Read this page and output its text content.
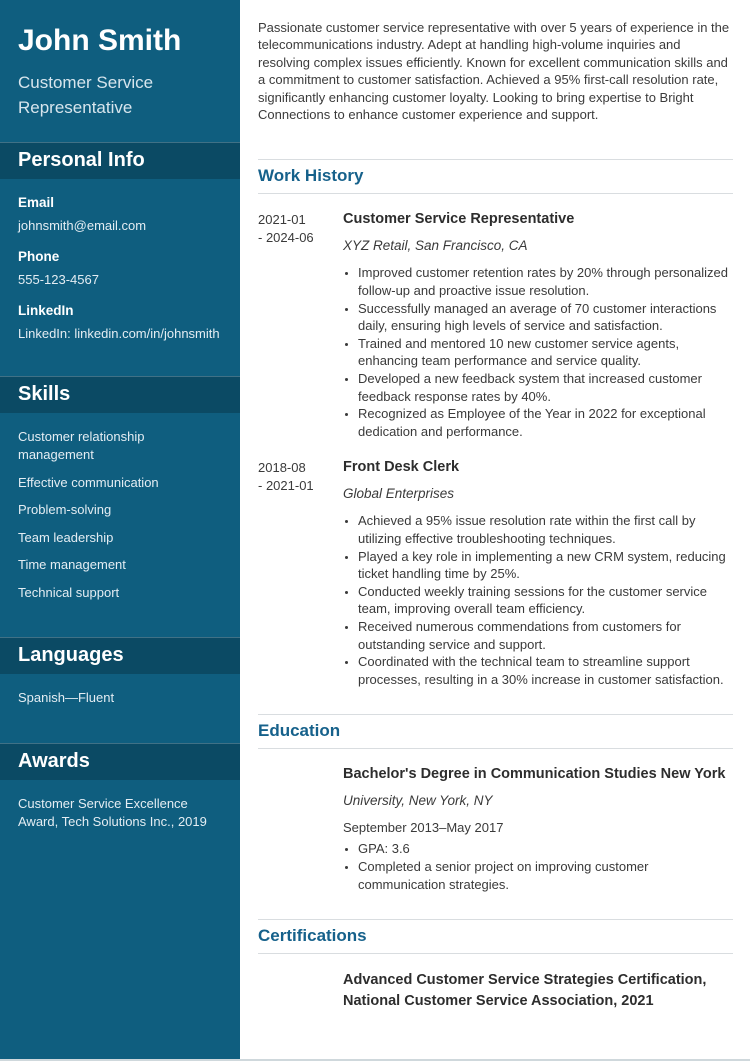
John Smith
Customer Service Representative
Personal Info
Email
johnsmith@email.com
Phone
555-123-4567
LinkedIn
LinkedIn: linkedin.com/in/johnsmith
Skills
Customer relationship management
Effective communication
Problem-solving
Team leadership
Time management
Technical support
Languages
Spanish—Fluent
Awards
Customer Service Excellence Award, Tech Solutions Inc., 2019

Passionate customer service representative with over 5 years of experience in the telecommunications industry. Adept at handling high-volume inquiries and resolving complex issues efficiently. Known for excellent communication skills and a commitment to customer satisfaction. Achieved a 95% first-call resolution rate, significantly enhancing customer loyalty. Looking to bring expertise to Bright Connections to enhance customer experience and support.

Work History
2021-01
- 2024-06
Customer Service Representative
XYZ Retail, San Francisco, CA
• Improved customer retention rates by 20% through personalized follow-up and proactive issue resolution.
• Successfully managed an average of 70 customer interactions daily, ensuring high levels of service and satisfaction.
• Trained and mentored 10 new customer service agents, enhancing team performance and service quality.
• Developed a new feedback system that increased customer feedback response rates by 40%.
• Recognized as Employee of the Year in 2022 for exceptional dedication and performance.
2018-08
- 2021-01
Front Desk Clerk
Global Enterprises
• Achieved a 95% issue resolution rate within the first call by utilizing effective troubleshooting techniques.
• Played a key role in implementing a new CRM system, reducing ticket handling time by 25%.
• Conducted weekly training sessions for the customer service team, improving overall team efficiency.
• Received numerous commendations from customers for outstanding service and support.
• Coordinated with the technical team to streamline support processes, resulting in a 30% increase in customer satisfaction.
Education
Bachelor's Degree in Communication Studies New York
University, New York, NY
September 2013–May 2017
• GPA: 3.6
• Completed a senior project on improving customer communication strategies.
Certifications

Advanced Customer Service Strategies Certification, National Customer Service Association, 2021
